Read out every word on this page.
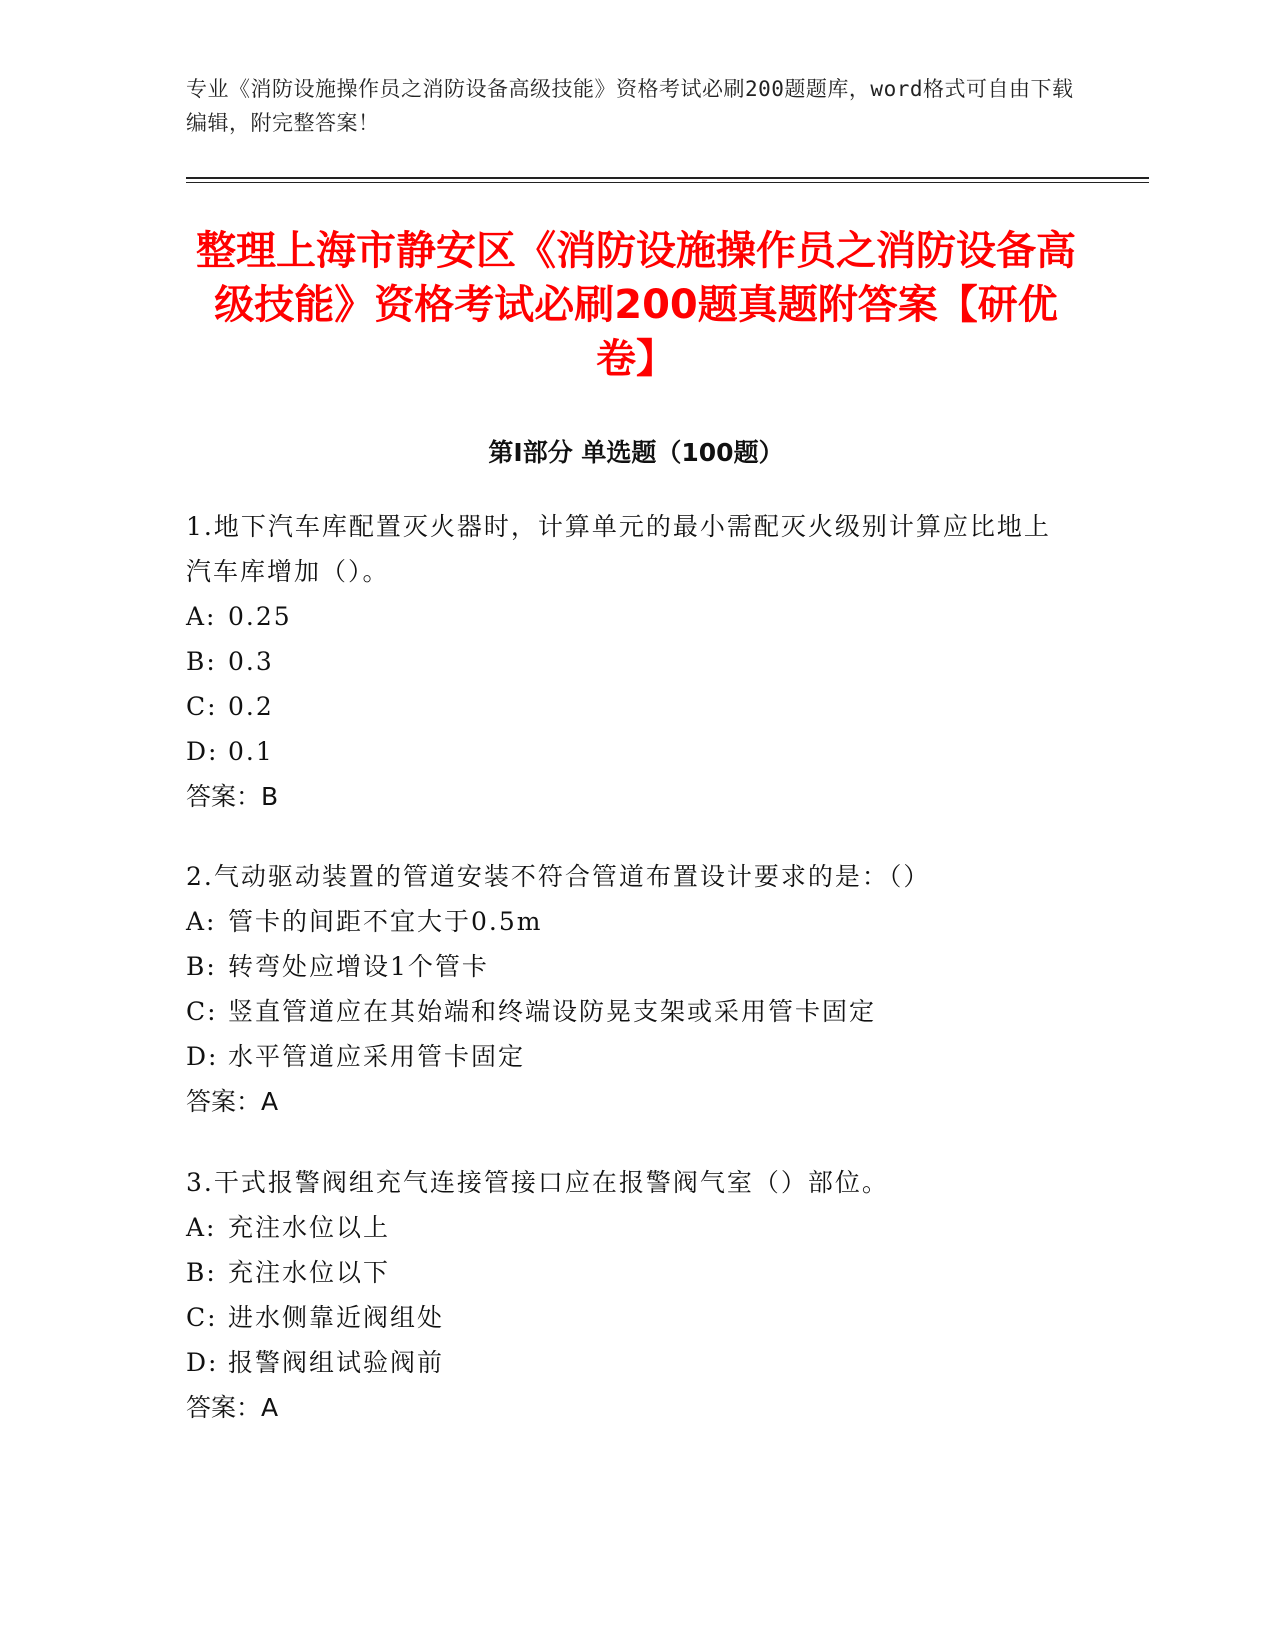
专业《消防设施操作员之消防设备高级技能》资格考试必刷200题题库，word格式可自由下载编辑，附完整答案！
整理上海市静安区《消防设施操作员之消防设备高级技能》资格考试必刷200题真题附答案【研优卷】
第I部分 单选题（100题）
1.地下汽车库配置灭火器时，计算单元的最小需配灭火级别计算应比地上汽车库增加（）。
A: 0.25
B: 0.3
C: 0.2
D: 0.1
答案：B
2.气动驱动装置的管道安装不符合管道布置设计要求的是：（）
A: 管卡的间距不宜大于0.5m
B: 转弯处应增设1个管卡
C: 竖直管道应在其始端和终端设防晃支架或采用管卡固定
D: 水平管道应采用管卡固定
答案：A
3.干式报警阀组充气连接管接口应在报警阀气室（）部位。
A: 充注水位以上
B: 充注水位以下
C: 进水侧靠近阀组处
D: 报警阀组试验阀前
答案：A
